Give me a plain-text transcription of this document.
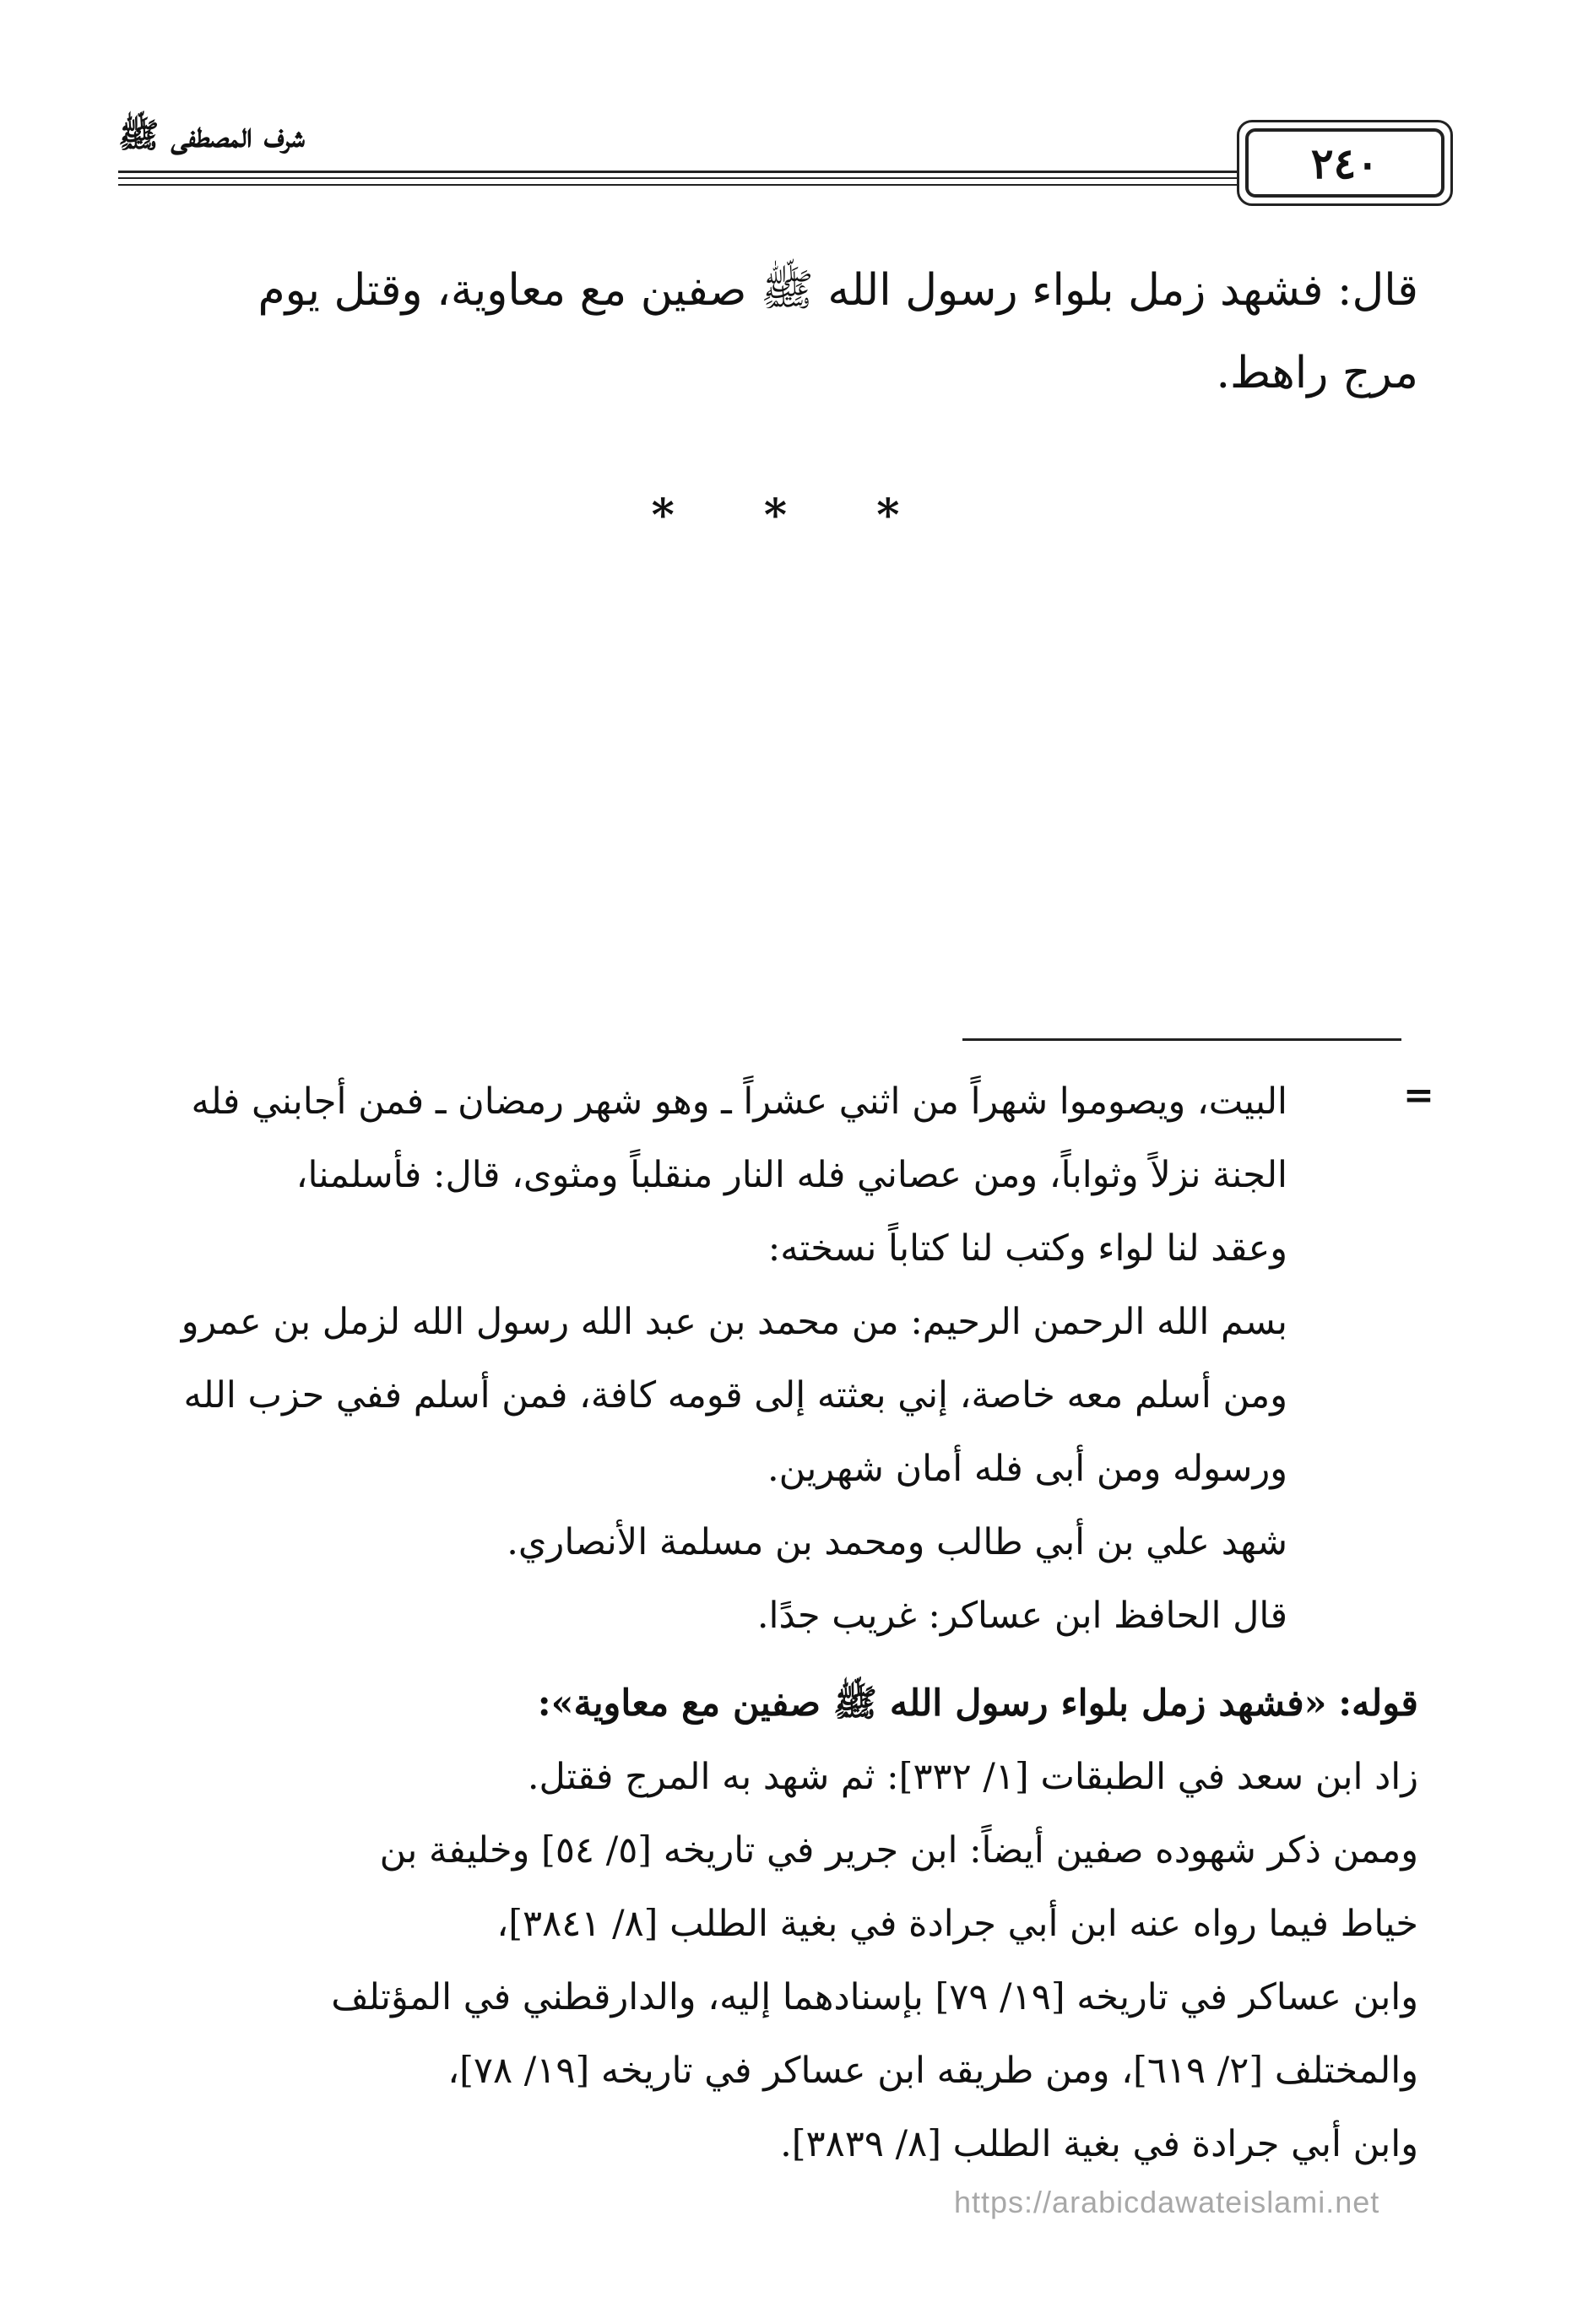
شرف المصطفى ﷺ
٢٤٠

قال: فشهد زمل بلواء رسول الله ﷺ صفين مع معاوية، وقتل يوم

مرج راهط.

* * *
=

البيت، ويصوموا شهراً من اثني عشراً ـ وهو شهر رمضان ـ فمن أجابني فله

الجنة نزلاً وثواباً، ومن عصاني فله النار منقلباً ومثوى، قال: فأسلمنا،

وعقد لنا لواء وكتب لنا كتاباً نسخته:

بسم الله الرحمن الرحيم: من محمد بن عبد الله رسول الله لزمل بن عمرو

ومن أسلم معه خاصة، إني بعثته إلى قومه كافة، فمن أسلم ففي حزب الله

ورسوله ومن أبى فله أمان شهرين.

شهد علي بن أبي طالب ومحمد بن مسلمة الأنصاري.

قال الحافظ ابن عساكر: غريب جدًا.

قوله: «فشهد زمل بلواء رسول الله ﷺ صفين مع معاوية»:

زاد ابن سعد في الطبقات [١/ ٣٣٢]: ثم شهد به المرج فقتل.

وممن ذكر شهوده صفين أيضاً: ابن جرير في تاريخه [٥/ ٥٤] وخليفة بن

خياط فيما رواه عنه ابن أبي جرادة في بغية الطلب [٨/ ٣٨٤١]،

وابن عساكر في تاريخه [١٩/ ٧٩] بإسنادهما إليه، والدارقطني في المؤتلف

والمختلف [٢/ ٦١٩]، ومن طريقه ابن عساكر في تاريخه [١٩/ ٧٨]،

وابن أبي جرادة في بغية الطلب [٨/ ٣٨٣٩].

https://arabicdawateislami.net
